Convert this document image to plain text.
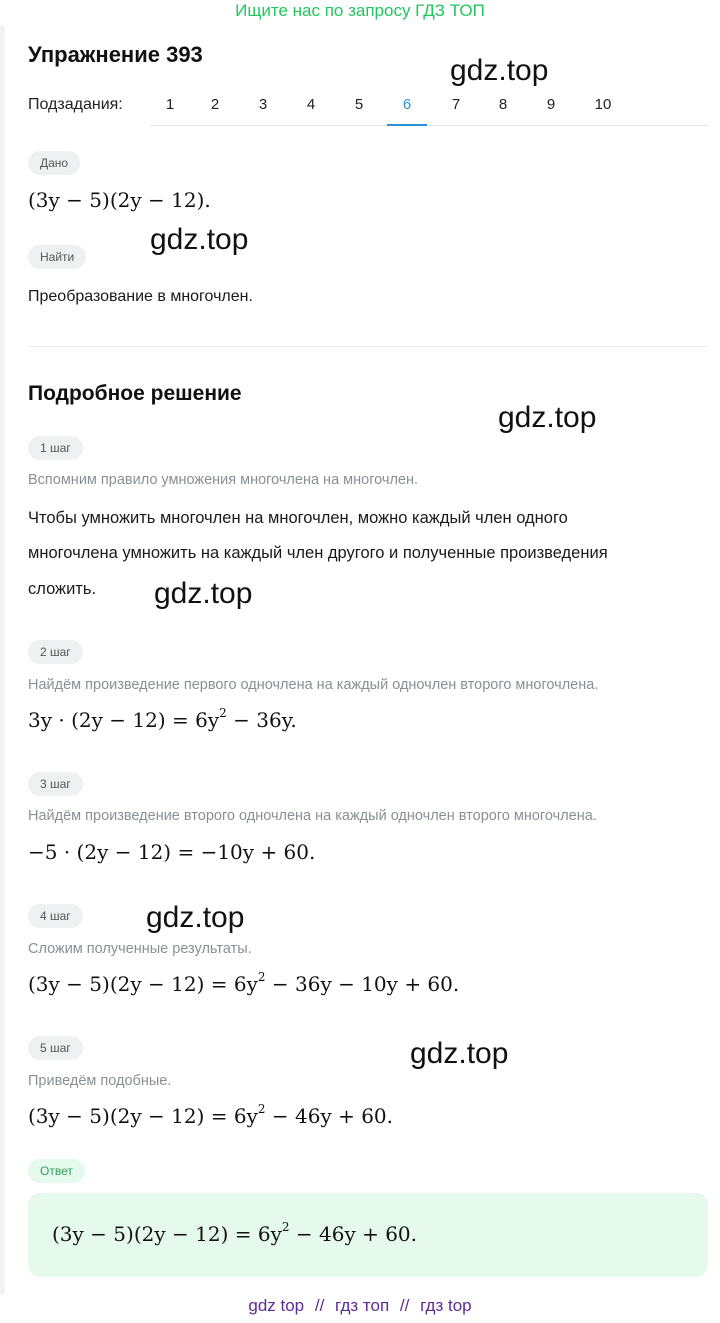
Ищите нас по запросу ГДЗ ТОП
Упражнение 393
Подзадания:	1	2	3	4	5	6	7	8	9	10
gdz.top
Дано
(3y − 5)(2y − 12).
gdz.top
Найти
Преобразование в многочлен.
Подробное решение
gdz.top
1 шаг
Вспомним правило умножения многочлена на многочлен.
Чтобы умножить многочлен на многочлен, можно каждый член одного
многочлена умножить на каждый член другого и полученные произведения
сложить.	gdz.top
2 шаг
Найдём произведение первого одночлена на каждый одночлен второго многочлена.
$3y \cdot (2y - 12) = 6y^2 - 36y$.
3 шаг
Найдём произведение второго одночлена на каждый одночлен второго многочлена.
−5 · (2y − 12) = −10y + 60.
4 шаг	gdz.top
Сложим полученные результаты.
$(3y - 5)(2y - 12) = 6y^2 - 36y - 10y + 60$.
5 шаг	gdz.top
Приведём подобные.
$(3y - 5)(2y - 12) = 6y^2 - 46y + 60$.
Ответ
$(3y - 5)(2y - 12) = 6y^2 - 46y + 60$.
gdz top // гдз топ // гдз top
